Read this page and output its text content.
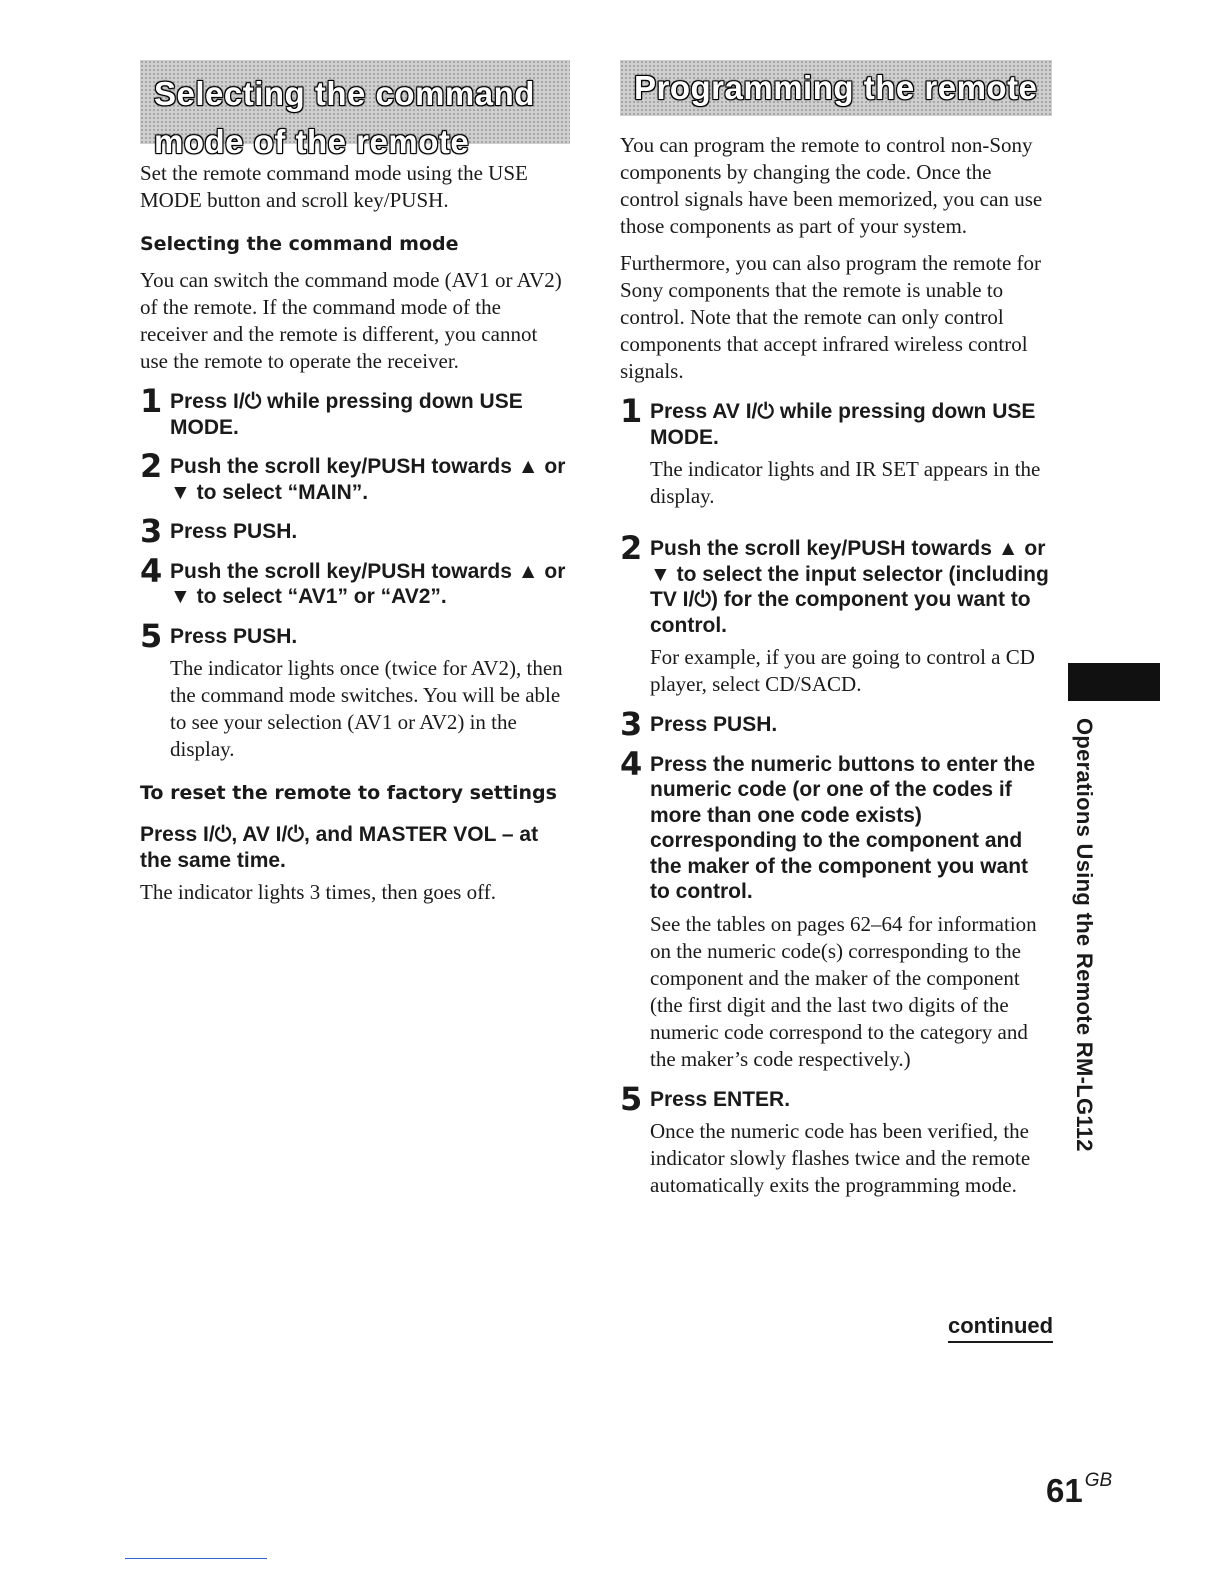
Selecting the command mode of the remote

Set the remote command mode using the USE MODE button and scroll key/PUSH.

Selecting the command mode

You can switch the command mode (AV1 or AV2) of the remote. If the command mode of the receiver and the remote is different, you cannot use the remote to operate the receiver.

1 Press I/⏻ while pressing down USE MODE.
2 Push the scroll key/PUSH towards ▲ or ▼ to select “MAIN”.
3 Press PUSH.
4 Push the scroll key/PUSH towards ▲ or ▼ to select “AV1” or “AV2”.
5 Press PUSH.
The indicator lights once (twice for AV2), then the command mode switches. You will be able to see your selection (AV1 or AV2) in the display.
To reset the remote to factory settings
Press I/⏻, AV I/⏻, and MASTER VOL – at the same time.

The indicator lights 3 times, then goes off.

Programming the remote

You can program the remote to control non-Sony components by changing the code. Once the control signals have been memorized, you can use those components as part of your system.

Furthermore, you can also program the remote for Sony components that the remote is unable to control. Note that the remote can only control components that accept infrared wireless control signals.

1 Press AV I/⏻ while pressing down USE MODE.
The indicator lights and IR SET appears in the display.
2 Push the scroll key/PUSH towards ▲ or ▼ to select the input selector (including TV I/⏻) for the component you want to control.
For example, if you are going to control a CD player, select CD/SACD.
3 Press PUSH.
4 Press the numeric buttons to enter the numeric code (or one of the codes if more than one code exists) corresponding to the component and the maker of the component you want to control.
See the tables on pages 62–64 for information on the numeric code(s) corresponding to the component and the maker of the component (the first digit and the last two digits of the numeric code correspond to the category and the maker’s code respectively.)
5 Press ENTER.
Once the numeric code has been verified, the indicator slowly flashes twice and the remote automatically exits the programming mode.
continued
Operations Using the Remote RM-LG112
61 GB
